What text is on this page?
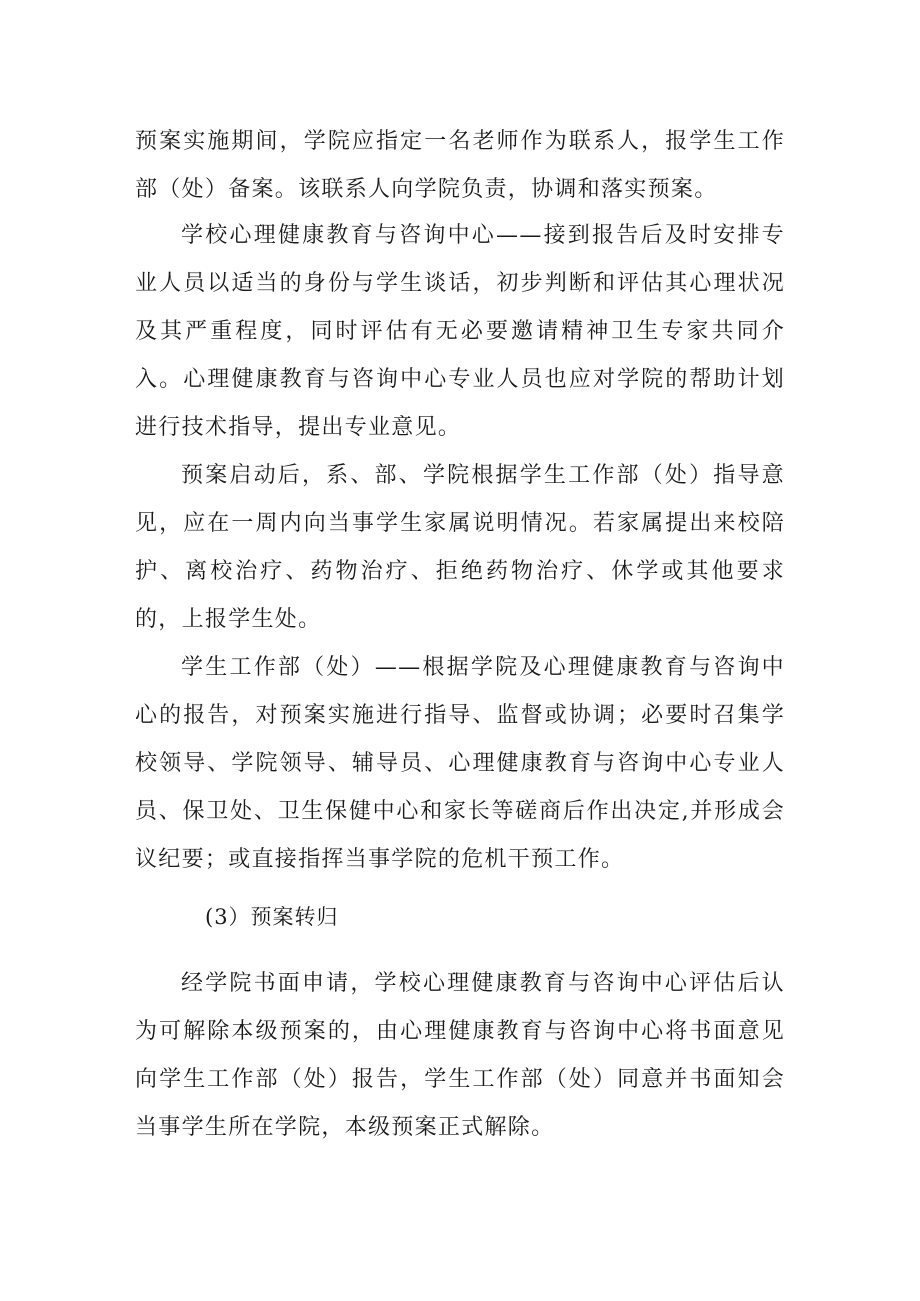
预案实施期间，学院应指定一名老师作为联系人，报学生工作部（处）备案。该联系人向学院负责，协调和落实预案。

学校心理健康教育与咨询中心——接到报告后及时安排专业人员以适当的身份与学生谈话，初步判断和评估其心理状况及其严重程度，同时评估有无必要邀请精神卫生专家共同介入。心理健康教育与咨询中心专业人员也应对学院的帮助计划进行技术指导，提出专业意见。

预案启动后，系、部、学院根据学生工作部（处）指导意见，应在一周内向当事学生家属说明情况。若家属提出来校陪护、离校治疗、药物治疗、拒绝药物治疗、休学或其他要求的，上报学生处。

学生工作部（处）——根据学院及心理健康教育与咨询中心的报告，对预案实施进行指导、监督或协调；必要时召集学校领导、学院领导、辅导员、心理健康教育与咨询中心专业人员、保卫处、卫生保健中心和家长等磋商后作出决定,并形成会议纪要；或直接指挥当事学院的危机干预工作。

(3）预案转归

经学院书面申请，学校心理健康教育与咨询中心评估后认为可解除本级预案的，由心理健康教育与咨询中心将书面意见向学生工作部（处）报告，学生工作部（处）同意并书面知会当事学生所在学院，本级预案正式解除。
